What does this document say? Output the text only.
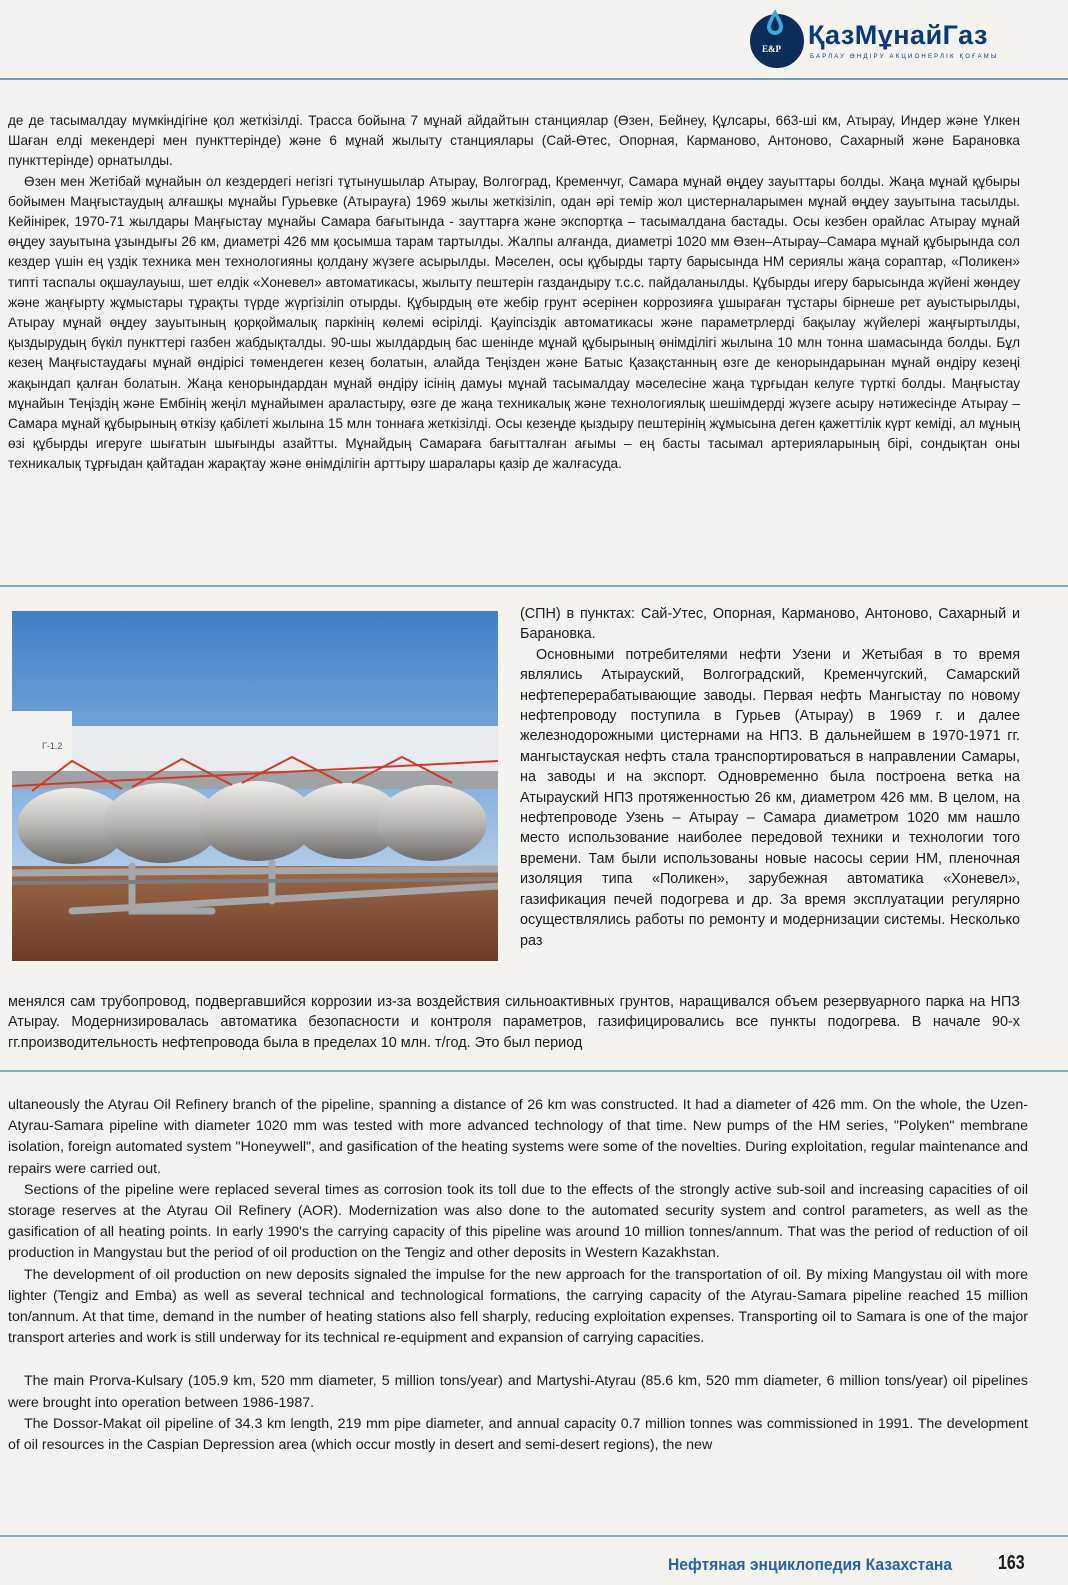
E&P ҚазМұнайГаз
БАРЛАУ ӨНДІРУ АКЦИОНЕРЛІК ҚОҒАМЫ

де де тасымалдау мүмкіндігіне қол жеткізілді. Трасса бойына 7 мұнай айдайтын станциялар (Өзен, Бейнеу, Құлсары, 663-ші км, Атырау, Индер және Үлкен Шаған елді мекендері мен пункттерінде) және 6 мұнай жылыту станциялары (Сай-Өтес, Опорная, Карманово, Антоново, Сахарный және Барановка пункттерінде) орнатылды.

Өзен мен Жетібай мұнайын ол кездердегі негізгі тұтынушылар Атырау, Волгоград, Кременчуг, Самара мұнай өңдеу зауыттары болды. Жаңа мұнай құбыры бойымен Маңғыстаудың алғашқы мұнайы Гурьевке (Атырауға) 1969 жылы жеткізіліп, одан әрі темір жол цистерналарымен мұнай өңдеу зауытына тасылды. Кейінірек, 1970-71 жылдары Маңғыстау мұнайы Самара бағытында - зауттарға және экспортқа – тасымалдана бастады. Осы кезбен орайлас Атырау мұнай өңдеу зауытына ұзындығы 26 км, диаметрі 426 мм қосымша тарам тартылды. Жалпы алғанда, диаметрі 1020 мм Өзен–Атырау–Самара мұнай құбырында сол кездер үшін ең үздік техника мен технологияны қолдану жүзеге асырылды. Мәселен, осы құбырды тарту барысында НМ сериялы жаңа сораптар, «Поликен» типті таспалы оқшаулауыш, шет елдік «Хоневел» автоматикасы, жылыту пештерін газдандыру т.с.с. пайдаланылды. Құбырды игеру барысында жүйені жөндеу және жаңғырту жұмыстары тұрақты түрде жүргізіліп отырды. Құбырдың өте жебір грунт әсерінен коррозияға ұшыраған тұстары бірнеше рет ауыстырылды, Атырау мұнай өңдеу зауытының қорқоймалық паркінің көлемі өсірілді. Қауіпсіздік автоматикасы және параметрлерді бақылау жүйелері жаңғыртылды, қыздырудың бүкіл пункттері газбен жабдықталды. 90-шы жылдардың бас шенінде мұнай құбырының өнімділігі жылына 10 млн тонна шамасында болды. Бұл кезең Маңғыстаудағы мұнай өндірісі төмендеген кезең болатын, алайда Теңізден және Батыс Қазақстанның өзге де кенорындарынан мұнай өндіру кезеңі жақындап қалған болатын. Жаңа кенорындардан мұнай өндіру ісінің дамуы мұнай тасымалдау мәселесіне жаңа тұрғыдан келуге түрткі болды. Маңғыстау мұнайын Теңіздің және Ембінің жеңіл мұнайымен араластыру, өзге де жаңа техникалық және технологиялық шешімдерді жүзеге асыру нәтижесінде Атырау – Самара мұнай құбырының өткізу қабілеті жылына 15 млн тоннаға жеткізілді. Осы кезеңде қыздыру пештерінің жұмысына деген қажеттілік күрт кеміді, ал мұның өзі құбырды игеруге шығатын шығынды азайтты. Мұнайдың Самараға бағытталған ағымы – ең басты тасымал артерияларының бірі, сондықтан оны техникалық тұрғыдан қайтадан жарақтау және өнімділігін арттыру шаралары қазір де жалғасуда.

Г-1.2

(СПН) в пунктах: Сай-Утес, Опорная, Карманово, Антоново, Сахарный и Барановка.

Основными потребителями нефти Узени и Жетыбая в то время являлись Атырауский, Волгоградский, Кременчугский, Самарский нефтеперерабатывающие заводы. Первая нефть Мангыстау по новому нефтепроводу поступила в Гурьев (Атырау) в 1969 г. и далее железнодорожными цистернами на НПЗ. В дальнейшем в 1970-1971 гг. мангыстауская нефть стала транспортироваться в направлении Самары, на заводы и на экспорт. Одновременно была построена ветка на Атырауский НПЗ протяженностью 26 км, диаметром 426 мм. В целом, на нефтепроводе Узень – Атырау – Самара диаметром 1020 мм нашло место использование наиболее передовой техники и технологии того времени. Там были использованы новые насосы серии НМ, пленочная изоляция типа «Поликен», зарубежная автоматика «Хоневел», газификация печей подогрева и др. За время эксплуатации регулярно осуществлялись работы по ремонту и модернизации системы. Несколько раз

менялся сам трубопровод, подвергавшийся коррозии из-за воздействия сильноактивных грунтов, наращивался объем резервуарного парка на НПЗ Атырау. Модернизировалась автоматика безопасности и контроля параметров, газифицировались все пункты подогрева. В начале 90-х гг.производительность нефтепровода была в пределах 10 млн. т/год. Это был период

ultaneously the Atyrau Oil Refinery branch of the pipeline, spanning a distance of 26 km was constructed. It had a diameter of 426 mm. On the whole, the Uzen-Atyrau-Samara pipeline with diameter 1020 mm was tested with more advanced technology of that time. New pumps of the HM series, "Polyken" membrane isolation, foreign automated system "Honeywell", and gasification of the heating systems were some of the novelties. During exploitation, regular maintenance and repairs were carried out.

Sections of the pipeline were replaced several times as corrosion took its toll due to the effects of the strongly active sub-soil and increasing capacities of oil storage reserves at the Atyrau Oil Refinery (AOR). Modernization was also done to the automated security system and control parameters, as well as the gasification of all heating points. In early 1990's the carrying capacity of this pipeline was around 10 million tonnes/annum. That was the period of reduction of oil production in Mangystau but the period of oil production on the Tengiz and other deposits in Western Kazakhstan.

The development of oil production on new deposits signaled the impulse for the new approach for the transportation of oil. By mixing Mangystau oil with more lighter (Tengiz and Emba) as well as several technical and technological formations, the carrying capacity of the Atyrau-Samara pipeline reached 15 million ton/annum. At that time, demand in the number of heating stations also fell sharply, reducing exploitation expenses. Transporting oil to Samara is one of the major transport arteries and work is still underway for its technical re-equipment and expansion of carrying capacities.

The main Prorva-Kulsary (105.9 km, 520 mm diameter, 5 million tons/year) and Martyshi-Atyrau (85.6 km, 520 mm diameter, 6 million tons/year) oil pipelines were brought into operation between 1986-1987.

The Dossor-Makat oil pipeline of 34.3 km length, 219 mm pipe diameter, and annual capacity 0.7 million tonnes was commissioned in 1991. The development of oil resources in the Caspian Depression area (which occur mostly in desert and semi-desert regions), the new

Нефтяная энциклопедия Казахстана 163
